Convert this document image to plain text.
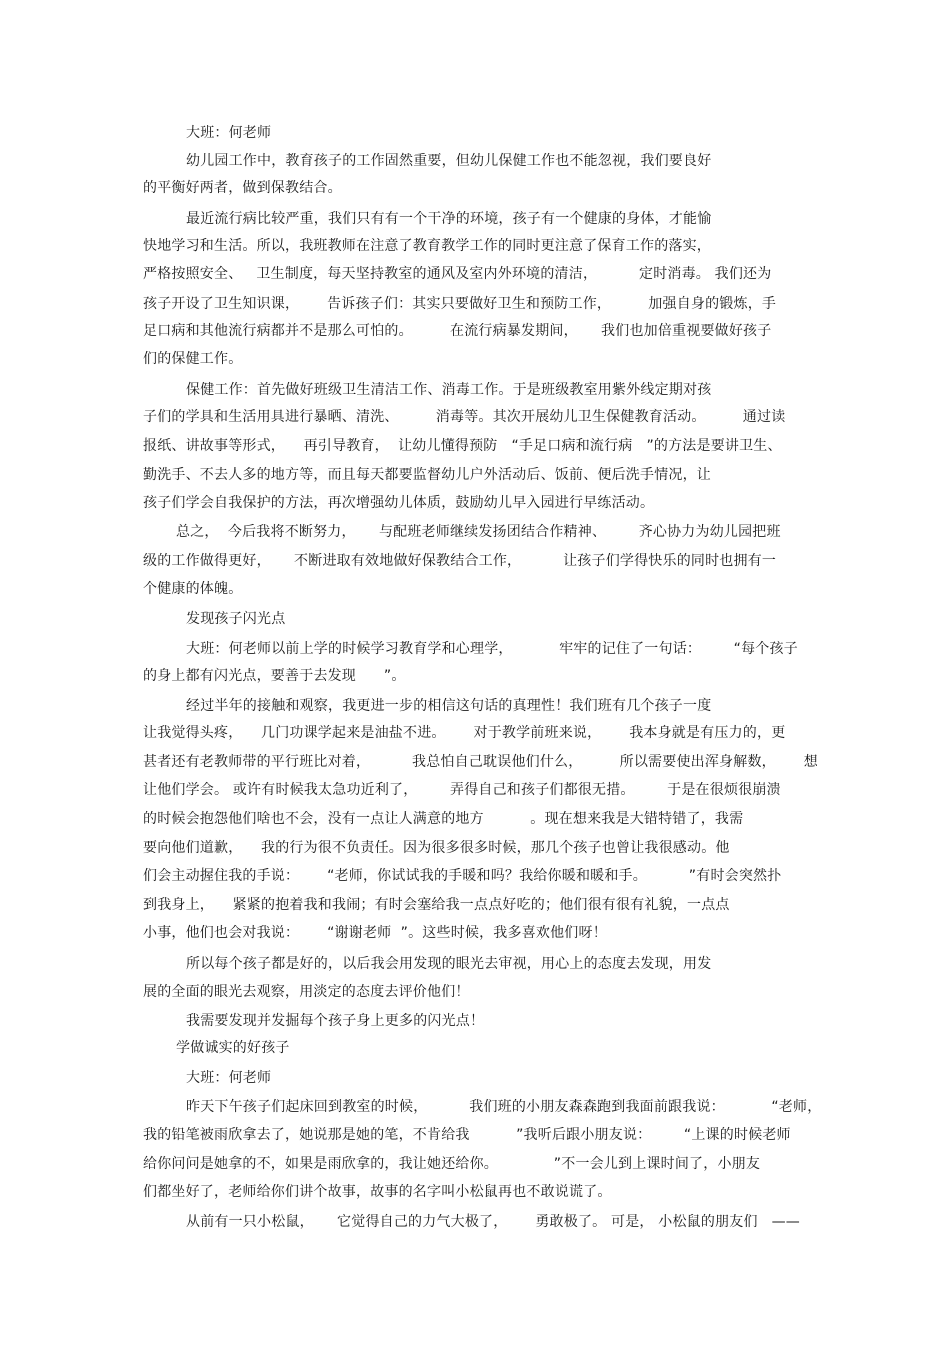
大班：何老师
幼儿园工作中，教育孩子的工作固然重要，但幼儿保健工作也不能忽视，我们要良好
的平衡好两者，做到保教结合。
最近流行病比较严重，我们只有有一个干净的环境，孩子有一个健康的身体，才能愉
快地学习和生活。所以，我班教师在注意了教育教学工作的同时更注意了保育工作的落实，
严格按照安全、   卫生制度，每天坚持教室的通风及室内外环境的清洁，         定时消毒。 我们还为
孩子开设了卫生知识课，      告诉孩子们：其实只要做好卫生和预防工作，        加强自身的锻炼，手
足口病和其他流行病都并不是那么可怕的。        在流行病暴发期间，     我们也加倍重视要做好孩子
们的保健工作。
保健工作：首先做好班级卫生清洁工作、消毒工作。于是班级教室用紫外线定期对孩
子们的学具和生活用具进行暴晒、清洗、        消毒等。其次开展幼儿卫生保健教育活动。        通过读
报纸、讲故事等形式，    再引导教育，  让幼儿懂得预防   “手足口病和流行病   ”的方法是要讲卫生、
勤洗手、不去人多的地方等，而且每天都要监督幼儿户外活动后、饭前、便后洗手情况，让
孩子们学会自我保护的方法，再次增强幼儿体质，鼓励幼儿早入园进行早练活动。
总之，  今后我将不断努力，     与配班老师继续发扬团结合作精神、       齐心协力为幼儿园把班
级的工作做得更好，     不断进取有效地做好保教结合工作，         让孩子们学得快乐的同时也拥有一
个健康的体魄。
发现孩子闪光点
大班：何老师以前上学的时候学习教育学和心理学，          牢牢的记住了一句话：       “每个孩子
的身上都有闪光点，要善于去发现      ”。
经过半年的接触和观察，我更进一步的相信这句话的真理性！我们班有几个孩子一度
让我觉得头疼，    几门功课学起来是油盐不进。      对于教学前班来说，      我本身就是有压力的，更
甚者还有老教师带的平行班比对着，         我总怕自己耽误他们什么，        所以需要使出浑身解数，      想
让他们学会。 或许有时候我太急功近利了，       弄得自己和孩子们都很无措。       于是在很烦很崩溃
的时候会抱怨他们啥也不会，没有一点让人满意的地方          。现在想来我是大错特错了，我需
要向他们道歉，    我的行为很不负责任。因为很多很多时候，那几个孩子也曾让我很感动。他
们会主动握住我的手说：      “老师，你试试我的手暖和吗？我给你暖和暖和手。         ”有时会突然扑
到我身上，    紧紧的抱着我和我闹；有时会塞给我一点点好吃的；他们很有很有礼貌，一点点
小事，他们也会对我说：      “谢谢老师  ”。这些时候，我多喜欢他们呀！
所以每个孩子都是好的，以后我会用发现的眼光去审视，用心上的态度去发现，用发
展的全面的眼光去观察，用淡定的态度去评价他们！
我需要发现并发掘每个孩子身上更多的闪光点！
学做诚实的好孩子
大班：何老师
昨天下午孩子们起床回到教室的时候，         我们班的小朋友森森跑到我面前跟我说：          “老师，
我的铅笔被雨欣拿去了，她说那是她的笔，不肯给我          ”我听后跟小朋友说：       “上课的时候老师
给你问问是她拿的不，如果是雨欣拿的，我让她还给你。            ”不一会儿到上课时间了，小朋友
们都坐好了，老师给你们讲个故事，故事的名字叫小松鼠再也不敢说谎了。
从前有一只小松鼠，     它觉得自己的力气大极了，      勇敢极了。 可是， 小松鼠的朋友们   ——
